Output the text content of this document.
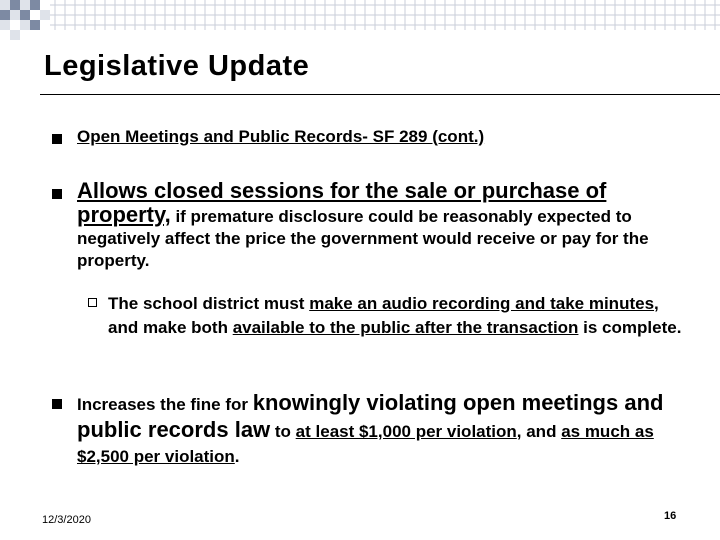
Legislative Update
Open Meetings and Public Records- SF 289 (cont.)
Allows closed sessions for the sale or purchase of property, if premature disclosure could be reasonably expected to negatively affect the price the government would receive or pay for the property.
The school district must make an audio recording and take minutes, and make both available to the public after the transaction is complete.
Increases the fine for knowingly violating open meetings and public records law to at least $1,000 per violation, and as much as $2,500 per violation.
12/3/2020	16
